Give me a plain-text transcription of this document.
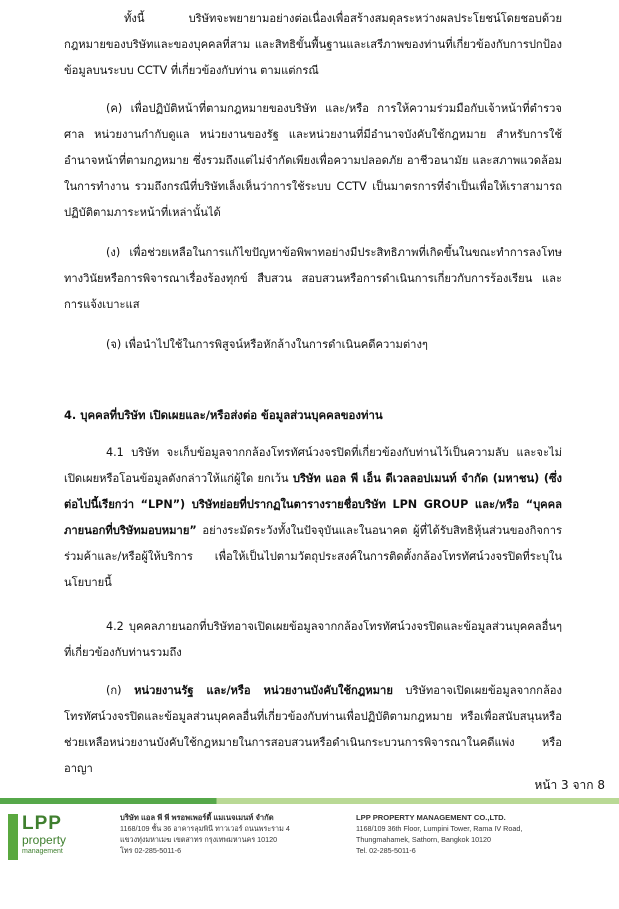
ทั้งนี้ บริษัทจะพยายามอย่างต่อเนื่องเพื่อสร้างสมดุลระหว่างผลประโยชน์โดยชอบด้วยกฎหมายของบริษัทและของบุคคลที่สาม และสิทธิขั้นพื้นฐานและเสรีภาพของท่านที่เกี่ยวข้องกับการปกป้องข้อมูลบนระบบ CCTV ที่เกี่ยวข้องกับท่าน ตามแต่กรณี
(ค) เพื่อปฏิบัติหน้าที่ตามกฎหมายของบริษัท และ/หรือ การให้ความร่วมมือกับเจ้าหน้าที่ตำรวจ ศาล หน่วยงานกำกับดูแล หน่วยงานของรัฐ และหน่วยงานที่มีอำนาจบังคับใช้กฎหมาย สำหรับการใช้อำนาจหน้าที่ตามกฎหมาย ซึ่งรวมถึงแต่ไม่จำกัดเพียงเพื่อความปลอดภัย อาชีวอนามัย และสภาพแวดล้อมในการทำงาน รวมถึงกรณีที่บริษัทเล็งเห็นว่าการใช้ระบบ CCTV เป็นมาตรการที่จำเป็นเพื่อให้เราสามารถปฏิบัติตามภาระหน้าที่เหล่านั้นได้
(ง) เพื่อช่วยเหลือในการแก้ไขปัญหาข้อพิพาทอย่างมีประสิทธิภาพที่เกิดขึ้นในขณะทำการลงโทษทางวินัยหรือการพิจารณาเรื่องร้องทุกข์ สืบสวน สอบสวนหรือการดำเนินการเกี่ยวกับการร้องเรียน และการแจ้งเบาะแส
(จ) เพื่อนำไปใช้ในการพิสูจน์หรือหักล้างในการดำเนินคดีความต่างๆ
4. บุคคลที่บริษัท เปิดเผยและ/หรือส่งต่อ ข้อมูลส่วนบุคคลของท่าน
4.1 บริษัท จะเก็บข้อมูลจากกล้องโทรทัศน์วงจรปิดที่เกี่ยวข้องกับท่านไว้เป็นความลับ และจะไม่เปิดเผยหรือโอนข้อมูลดังกล่าวให้แก่ผู้ใด ยกเว้น บริษัท แอล พี เอ็น ดีเวลลอปเมนท์ จำกัด (มหาชน) (ซึ่งต่อไปนี้เรียกว่า “LPN”) บริษัทย่อยที่ปรากฏในตารางรายชื่อบริษัท LPN GROUP และ/หรือ “บุคคลภายนอกที่บริษัทมอบหมาย” อย่างระมัดระวังทั้งในปัจจุบันและในอนาคต ผู้ที่ได้รับสิทธิหุ้นส่วนของกิจการร่วมค้าและ/หรือผู้ให้บริการ เพื่อให้เป็นไปตามวัตถุประสงค์ในการติดตั้งกล้องโทรทัศน์วงจรปิดที่ระบุในนโยบายนี้
4.2 บุคคลภายนอกที่บริษัทอาจเปิดเผยข้อมูลจากกล้องโทรทัศน์วงจรปิดและข้อมูลส่วนบุคคลอื่นๆ ที่เกี่ยวข้องกับท่านรวมถึง
(ก) หน่วยงานรัฐ และ/หรือ หน่วยงานบังคับใช้กฎหมาย บริษัทอาจเปิดเผยข้อมูลจากกล้องโทรทัศน์วงจรปิดและข้อมูลส่วนบุคคลอื่นที่เกี่ยวข้องกับท่านเพื่อปฏิบัติตามกฎหมาย หรือเพื่อสนับสนุนหรือช่วยเหลือหน่วยงานบังคับใช้กฎหมายในการสอบสวนหรือดำเนินกระบวนการพิจารณาในคดีแพ่ง หรืออาญา
หน้า 3 จาก 8
LPP
property
management
บริษัท แอล พี พี พรอพเพอร์ตี้ แมเนจเมนท์ จำกัด
1168/109 ชั้น 36 อาคารลุมพินี ทาวเวอร์ ถนนพระราม 4
แขวงทุ่งมหาเมฆ เขตสาทร กรุงเทพมหานคร 10120
โทร 02-285-5011-6
LPP PROPERTY MANAGEMENT CO.,LTD.
1168/109 36th Floor, Lumpini Tower, Rama IV Road,
Thungmahamek, Sathorn, Bangkok 10120
Tel. 02-285-5011-6
